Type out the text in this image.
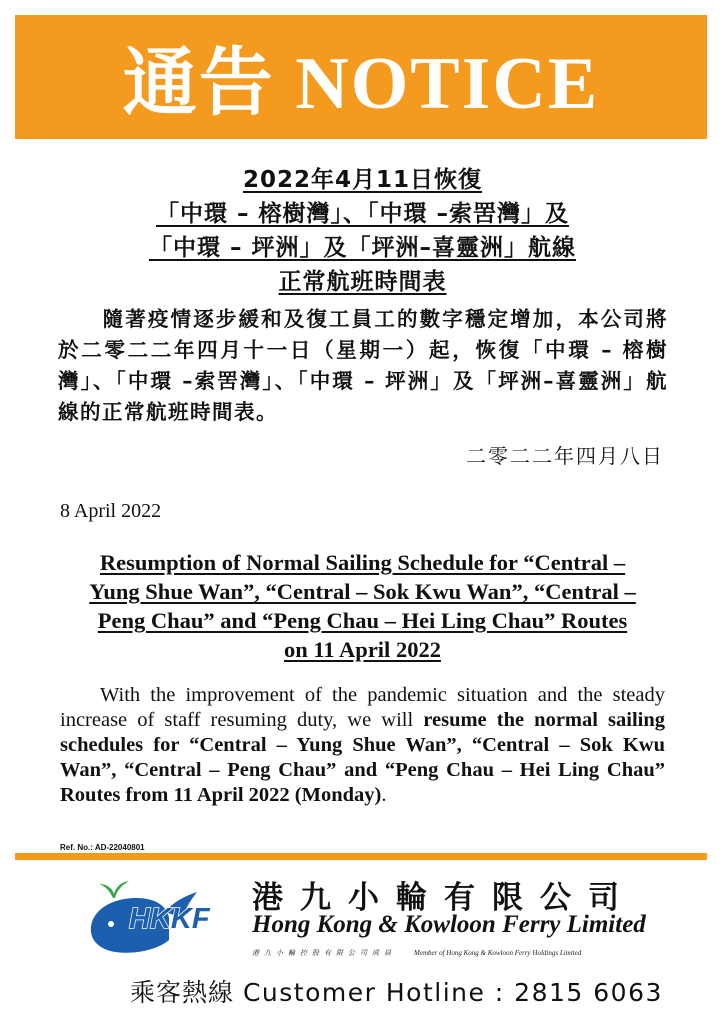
通告 NOTICE
2022年4月11日恢復
「中環 – 榕樹灣」、「中環 –索罟灣」及
「中環 – 坪洲」及「坪洲–喜靈洲」航線
正常航班時間表
隨著疫情逐步緩和及復工員工的數字穩定增加，本公司將於二零二二年四月十一日（星期一）起，恢復「中環 – 榕樹灣」、「中環 –索罟灣」、「中環 – 坪洲」及「坪洲–喜靈洲」航線的正常航班時間表。
二零二二年四月八日
8 April 2022
Resumption of Normal Sailing Schedule for “Central –
Yung Shue Wan”, “Central – Sok Kwu Wan”, “Central –
Peng Chau” and “Peng Chau – Hei Ling Chau” Routes
on 11 April 2022
With the improvement of the pandemic situation and the steady increase of staff resuming duty, we will resume the normal sailing schedules for “Central – Yung Shue Wan”, “Central – Sok Kwu Wan”, “Central – Peng Chau” and “Peng Chau – Hei Ling Chau” Routes from 11 April 2022 (Monday).
Ref. No.: AD-22040801
HKKF
港九小輪有限公司
Hong Kong & Kowloon Ferry Limited
港九小輪控股有限公司成員	Member of Hong Kong & Kowloon Ferry Holdings Limited
乘客熱線 Customer Hotline : 2815 6063
